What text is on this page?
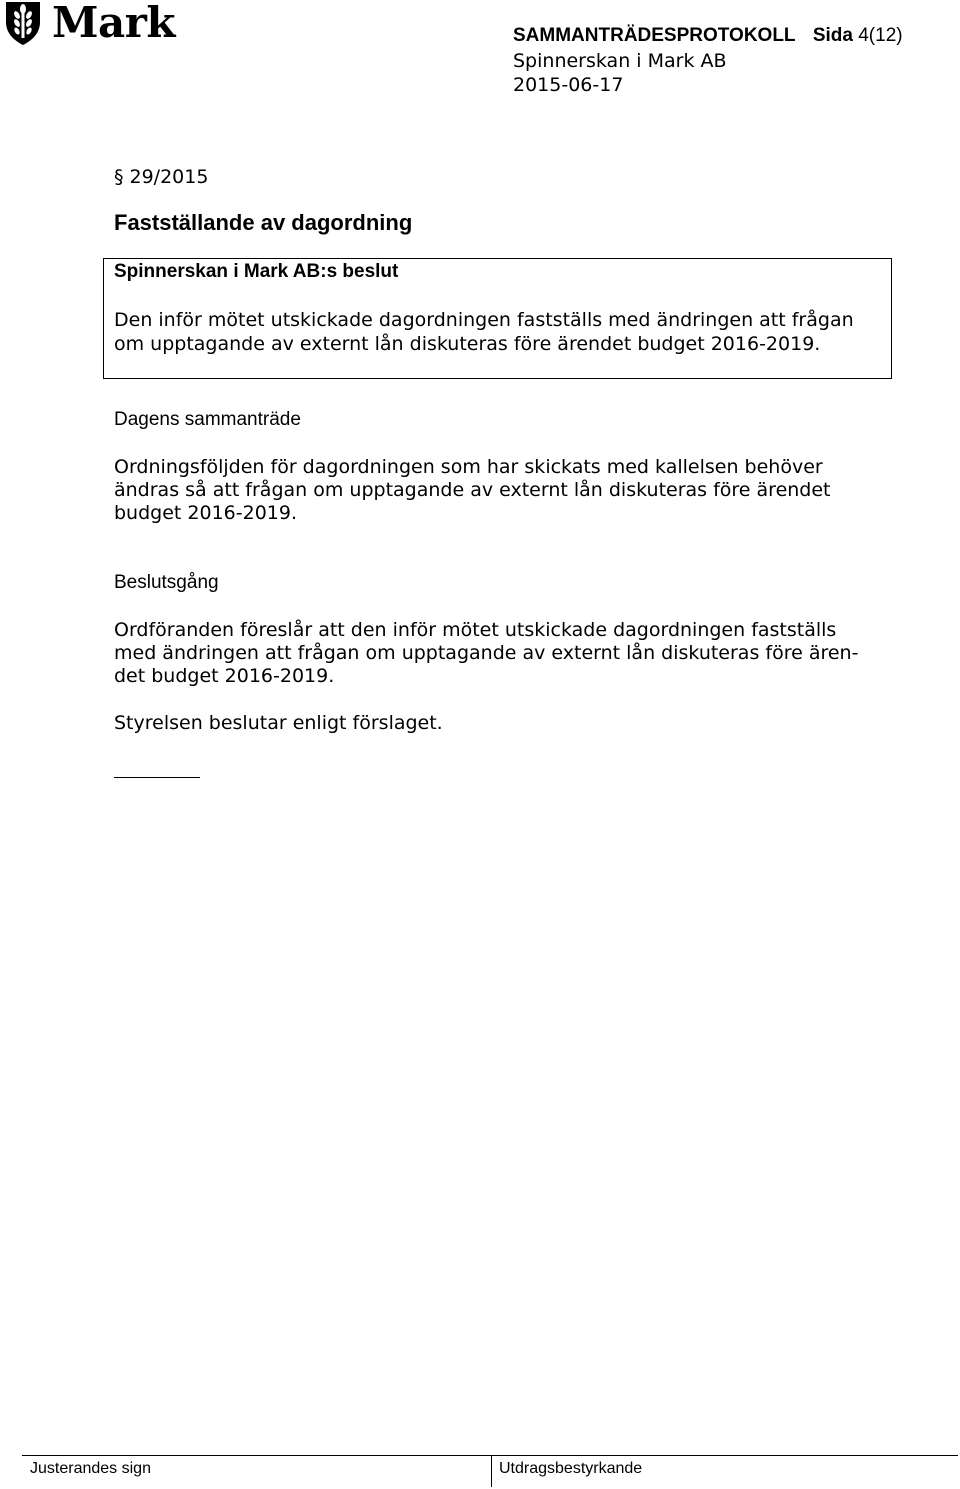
Mark	SAMMANTRÄDESPROTOKOLL Sida 4(12)
Spinnerskan i Mark AB
2015-06-17
§ 29/2015
Fastställande av dagordning
Spinnerskan i Mark AB:s beslut
Den inför mötet utskickade dagordningen fastställs med ändringen att frågan
om upptagande av externt lån diskuteras före ärendet budget 2016-2019.
Dagens sammanträde
Ordningsföljden för dagordningen som har skickats med kallelsen behöver
ändras så att frågan om upptagande av externt lån diskuteras före ärendet
budget 2016-2019.
Beslutsgång
Ordföranden föreslår att den inför mötet utskickade dagordningen fastställs
med ändringen att frågan om upptagande av externt lån diskuteras före ären-
det budget 2016-2019.
Styrelsen beslutar enligt förslaget.
Justerandes sign	Utdragsbestyrkande
